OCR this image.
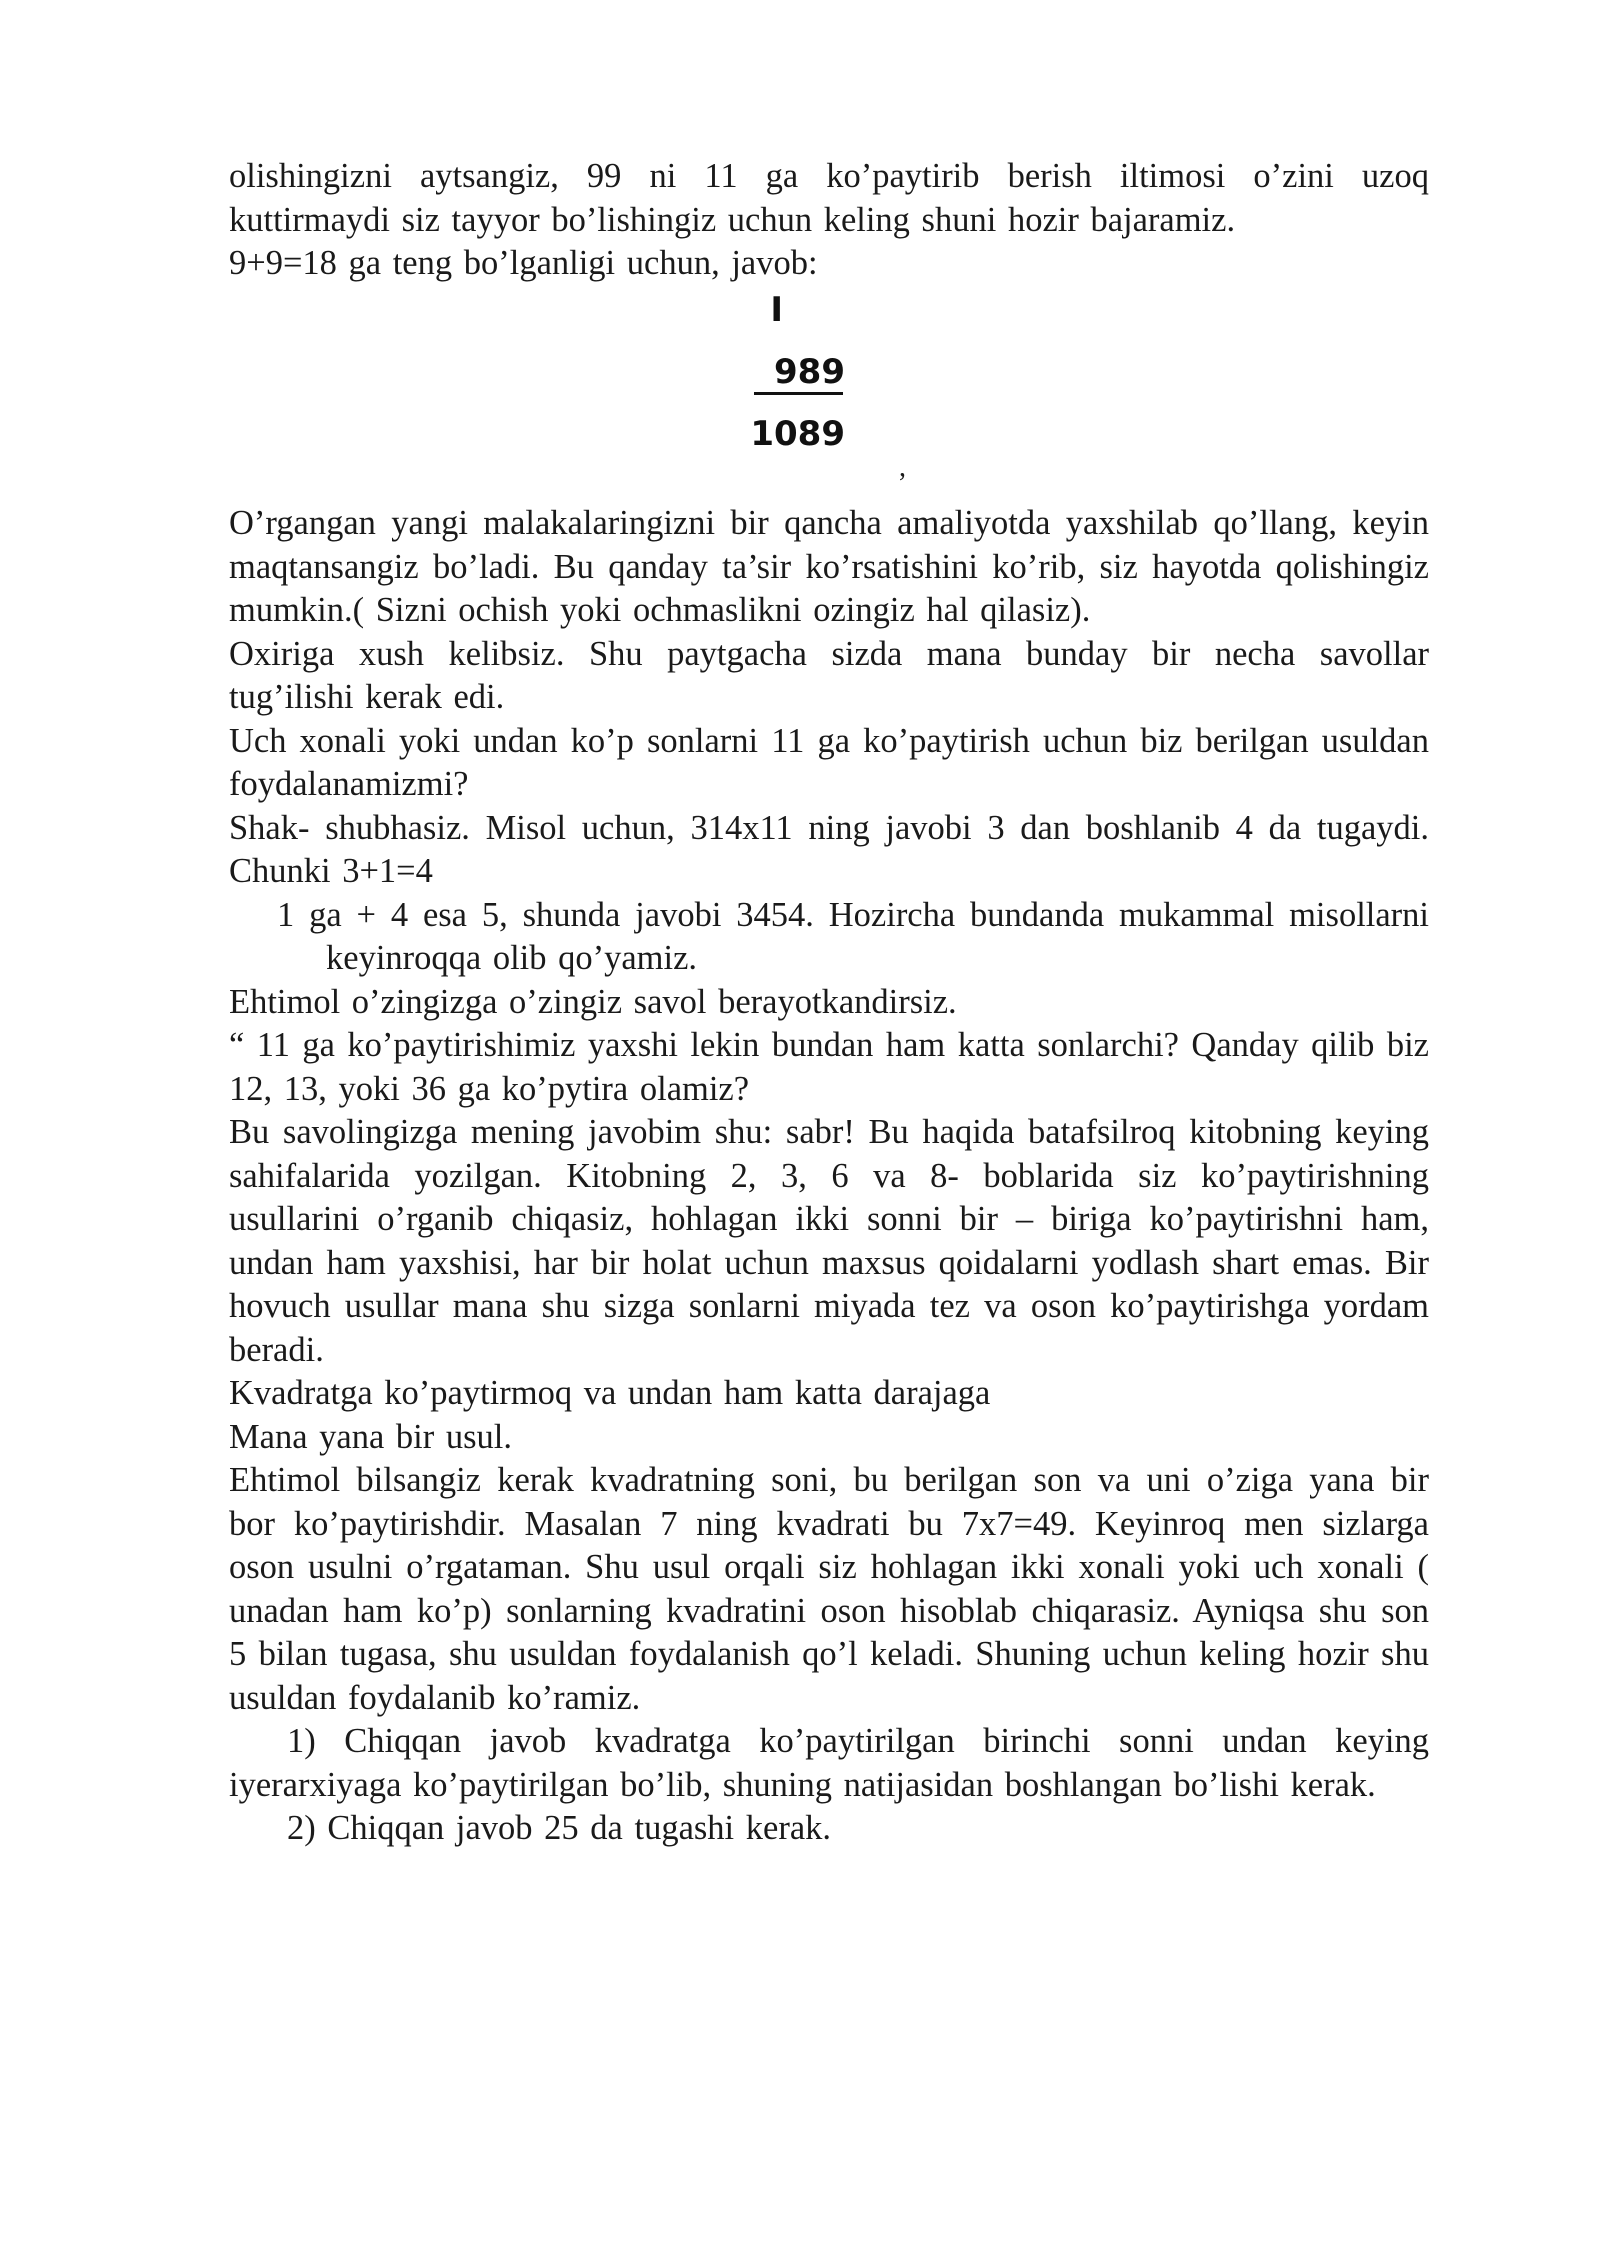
olishingizni aytsangiz, 99 ni 11 ga ko’paytirib berish iltimosi o’zini uzoq kuttirmaydi siz tayyor bo’lishingiz uchun keling shuni hozir bajaramiz.

9+9=18 ga teng bo’lganligi uchun, javob:

I
989
1089
,

O’rgangan yangi malakalaringizni bir qancha amaliyotda yaxshilab qo’llang, keyin maqtansangiz bo’ladi. Bu qanday ta’sir ko’rsatishini ko’rib, siz hayotda qolishingiz mumkin.( Sizni ochish yoki ochmaslikni ozingiz hal qilasiz).

Oxiriga xush kelibsiz. Shu paytgacha sizda mana bunday bir necha savollar tug’ilishi kerak edi.

Uch xonali yoki undan ko’p sonlarni 11 ga ko’paytirish uchun biz berilgan usuldan foydalanamizmi?

Shak- shubhasiz. Misol uchun, 314x11 ning javobi 3 dan boshlanib 4 da tugaydi. Chunki 3+1=4

1 ga + 4 esa 5, shunda javobi 3454. Hozircha bundanda mukammal misollarni keyinroqqa olib qo’yamiz.

Ehtimol o’zingizga o’zingiz savol berayotkandirsiz.

“ 11 ga ko’paytirishimiz yaxshi lekin bundan ham katta sonlarchi? Qanday qilib biz 12, 13, yoki 36 ga ko’pytira olamiz?

Bu savolingizga mening javobim shu: sabr! Bu haqida batafsilroq kitobning keying sahifalarida yozilgan. Kitobning 2, 3, 6 va 8- boblarida siz ko’paytirishning usullarini o’rganib chiqasiz, hohlagan ikki sonni bir – biriga ko’paytirishni ham, undan ham yaxshisi, har bir holat uchun maxsus qoidalarni yodlash shart emas. Bir hovuch usullar mana shu sizga sonlarni miyada tez va oson ko’paytirishga yordam beradi.

Kvadratga ko’paytirmoq va undan ham katta darajaga

Mana yana bir usul.

Ehtimol bilsangiz kerak kvadratning soni, bu berilgan son va uni o’ziga yana bir bor ko’paytirishdir. Masalan 7 ning kvadrati bu 7x7=49. Keyinroq men sizlarga oson usulni o’rgataman. Shu usul orqali siz hohlagan ikki xonali yoki uch xonali ( unadan ham ko’p) sonlarning kvadratini oson hisoblab chiqarasiz. Ayniqsa shu son 5 bilan tugasa, shu usuldan foydalanish qo’l keladi. Shuning uchun keling hozir shu usuldan foydalanib ko’ramiz.

1) Chiqqan javob kvadratga ko’paytirilgan birinchi sonni undan keying iyerarxiyaga ko’paytirilgan bo’lib, shuning natijasidan boshlangan bo’lishi kerak.

2) Chiqqan javob 25 da tugashi kerak.
